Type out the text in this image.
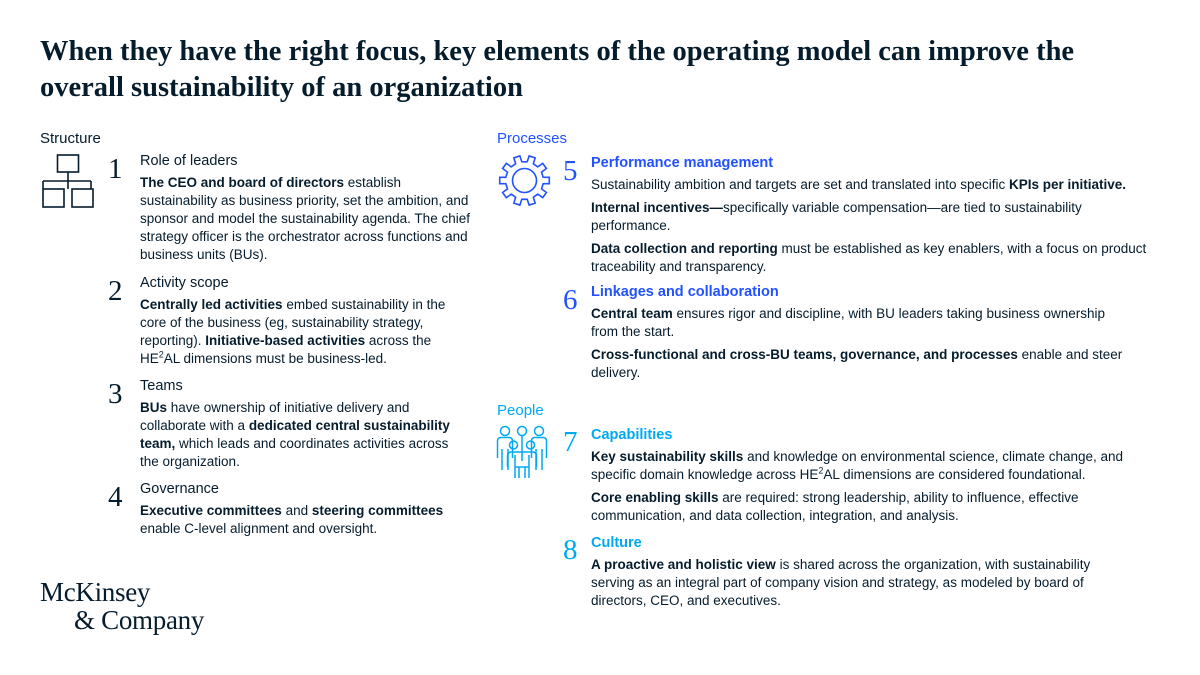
When they have the right focus, key elements of the operating model can improve the overall sustainability of an organization
Structure	Processes
People
1 Role of leaders
The CEO and board of directors establish sustainability as business priority, set the ambition, and sponsor and model the sustainability agenda. The chief strategy officer is the orchestrator across functions and business units (BUs).
2 Activity scope
Centrally led activities embed sustainability in the core of the business (eg, sustainability strategy, reporting). Initiative-based activities across the $HE^2AL$ dimensions must be business-led.
3 Teams
BUs have ownership of initiative delivery and collaborate with a dedicated central sustainability team, which leads and coordinates activities across the organization.
4 Governance
Executive committees and steering committees enable C-level alignment and oversight.
5 Performance management
Sustainability ambition and targets are set and translated into specific KPIs per initiative.
Internal incentives—specifically variable compensation—are tied to sustainability performance.
Data collection and reporting must be established as key enablers, with a focus on product traceability and transparency.
6 Linkages and collaboration
Central team ensures rigor and discipline, with BU leaders taking business ownership from the start.
Cross-functional and cross-BU teams, governance, and processes enable and steer delivery.
7 Capabilities
Key sustainability skills and knowledge on environmental science, climate change, and specific domain knowledge across $HE^2AL$ dimensions are considered foundational.
Core enabling skills are required: strong leadership, ability to influence, effective communication, and data collection, integration, and analysis.
8 Culture
A proactive and holistic view is shared across the organization, with sustainability serving as an integral part of company vision and strategy, as modeled by board of directors, CEO, and executives.
McKinsey
& Company
